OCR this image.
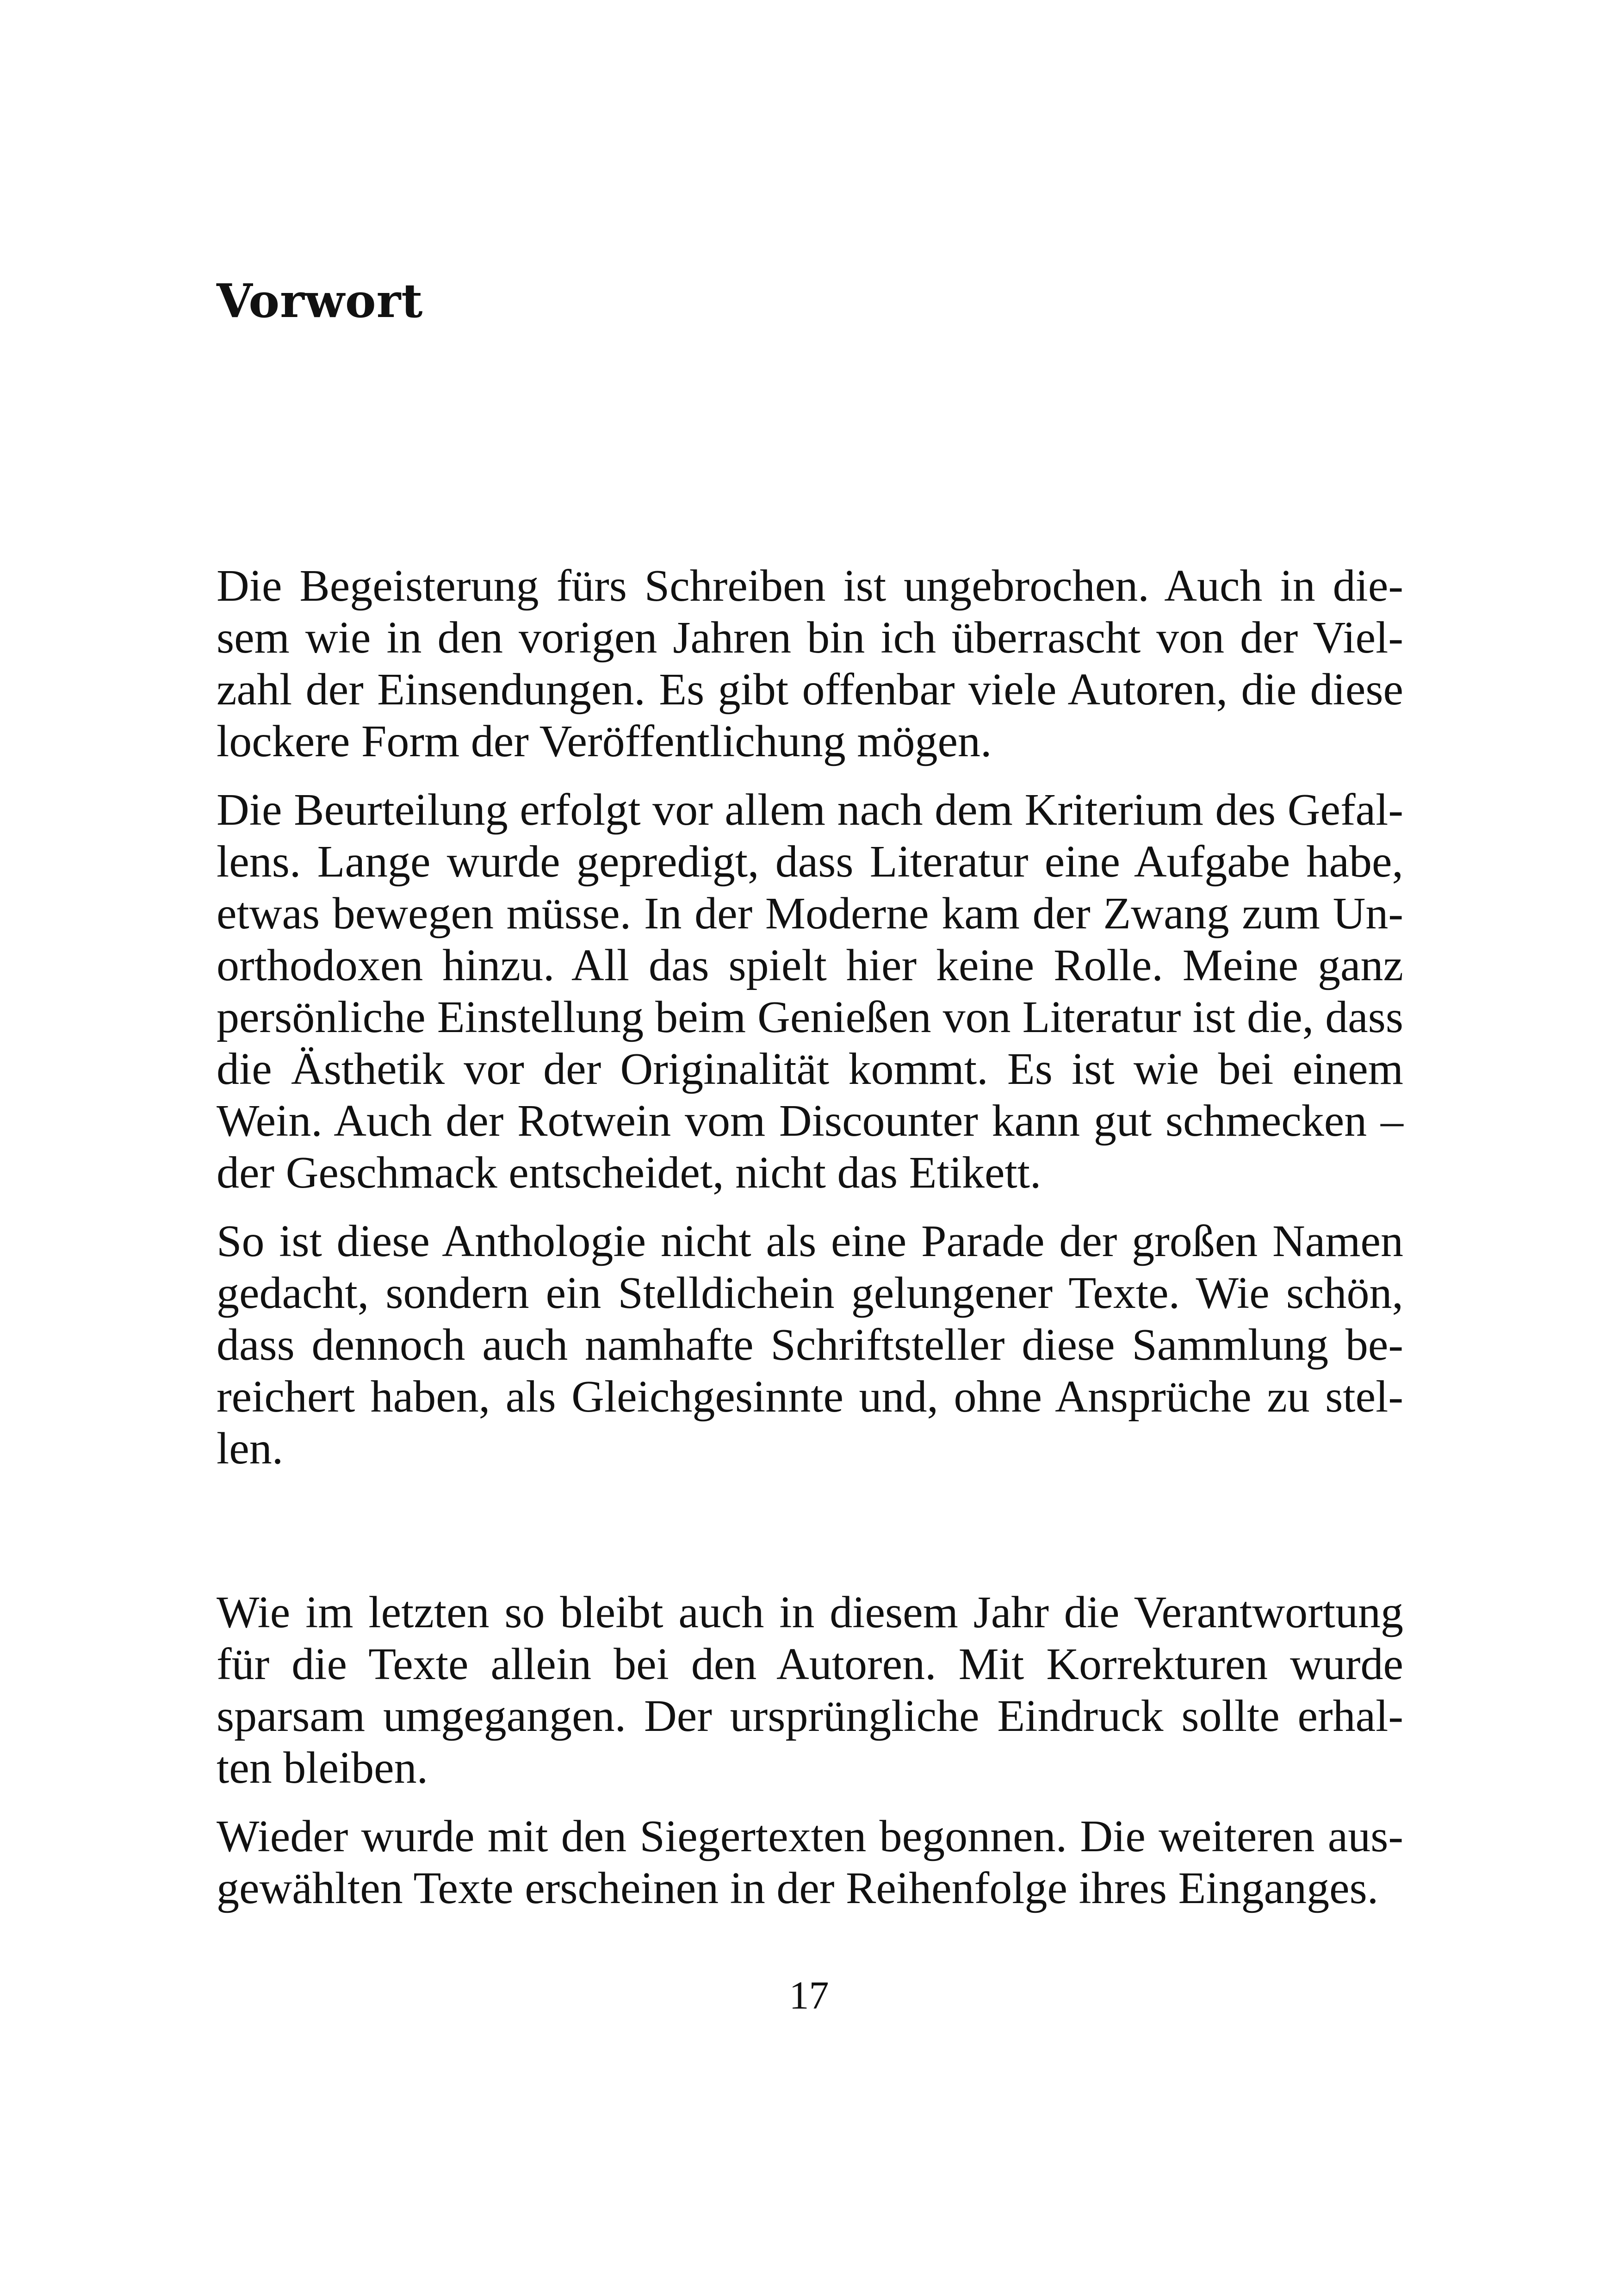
Vorwort

Die Begeisterung fürs Schreiben ist ungebrochen. Auch in diesem wie in den vorigen Jahren bin ich überrascht von der Vielzahl der Einsendungen. Es gibt offenbar viele Autoren, die diese lockere Form der Veröffentlichung mögen.

Die Beurteilung erfolgt vor allem nach dem Kriterium des Gefallens. Lange wurde gepredigt, dass Literatur eine Aufgabe habe, etwas bewegen müsse. In der Moderne kam der Zwang zum Unorthodoxen hinzu. All das spielt hier keine Rolle. Meine ganz persönliche Einstellung beim Genießen von Literatur ist die, dass die Ästhetik vor der Originalität kommt. Es ist wie bei einem Wein. Auch der Rotwein vom Discounter kann gut schmecken – der Geschmack entscheidet, nicht das Etikett.

So ist diese Anthologie nicht als eine Parade der großen Namen gedacht, sondern ein Stelldichein gelungener Texte. Wie schön, dass dennoch auch namhafte Schriftsteller diese Sammlung bereichert haben, als Gleichgesinnte und, ohne Ansprüche zu stellen.

Wie im letzten so bleibt auch in diesem Jahr die Verantwortung für die Texte allein bei den Autoren. Mit Korrekturen wurde sparsam umgegangen. Der ursprüngliche Eindruck sollte erhalten bleiben.

Wieder wurde mit den Siegertexten begonnen. Die weiteren ausgewählten Texte erscheinen in der Reihenfolge ihres Einganges.

17
